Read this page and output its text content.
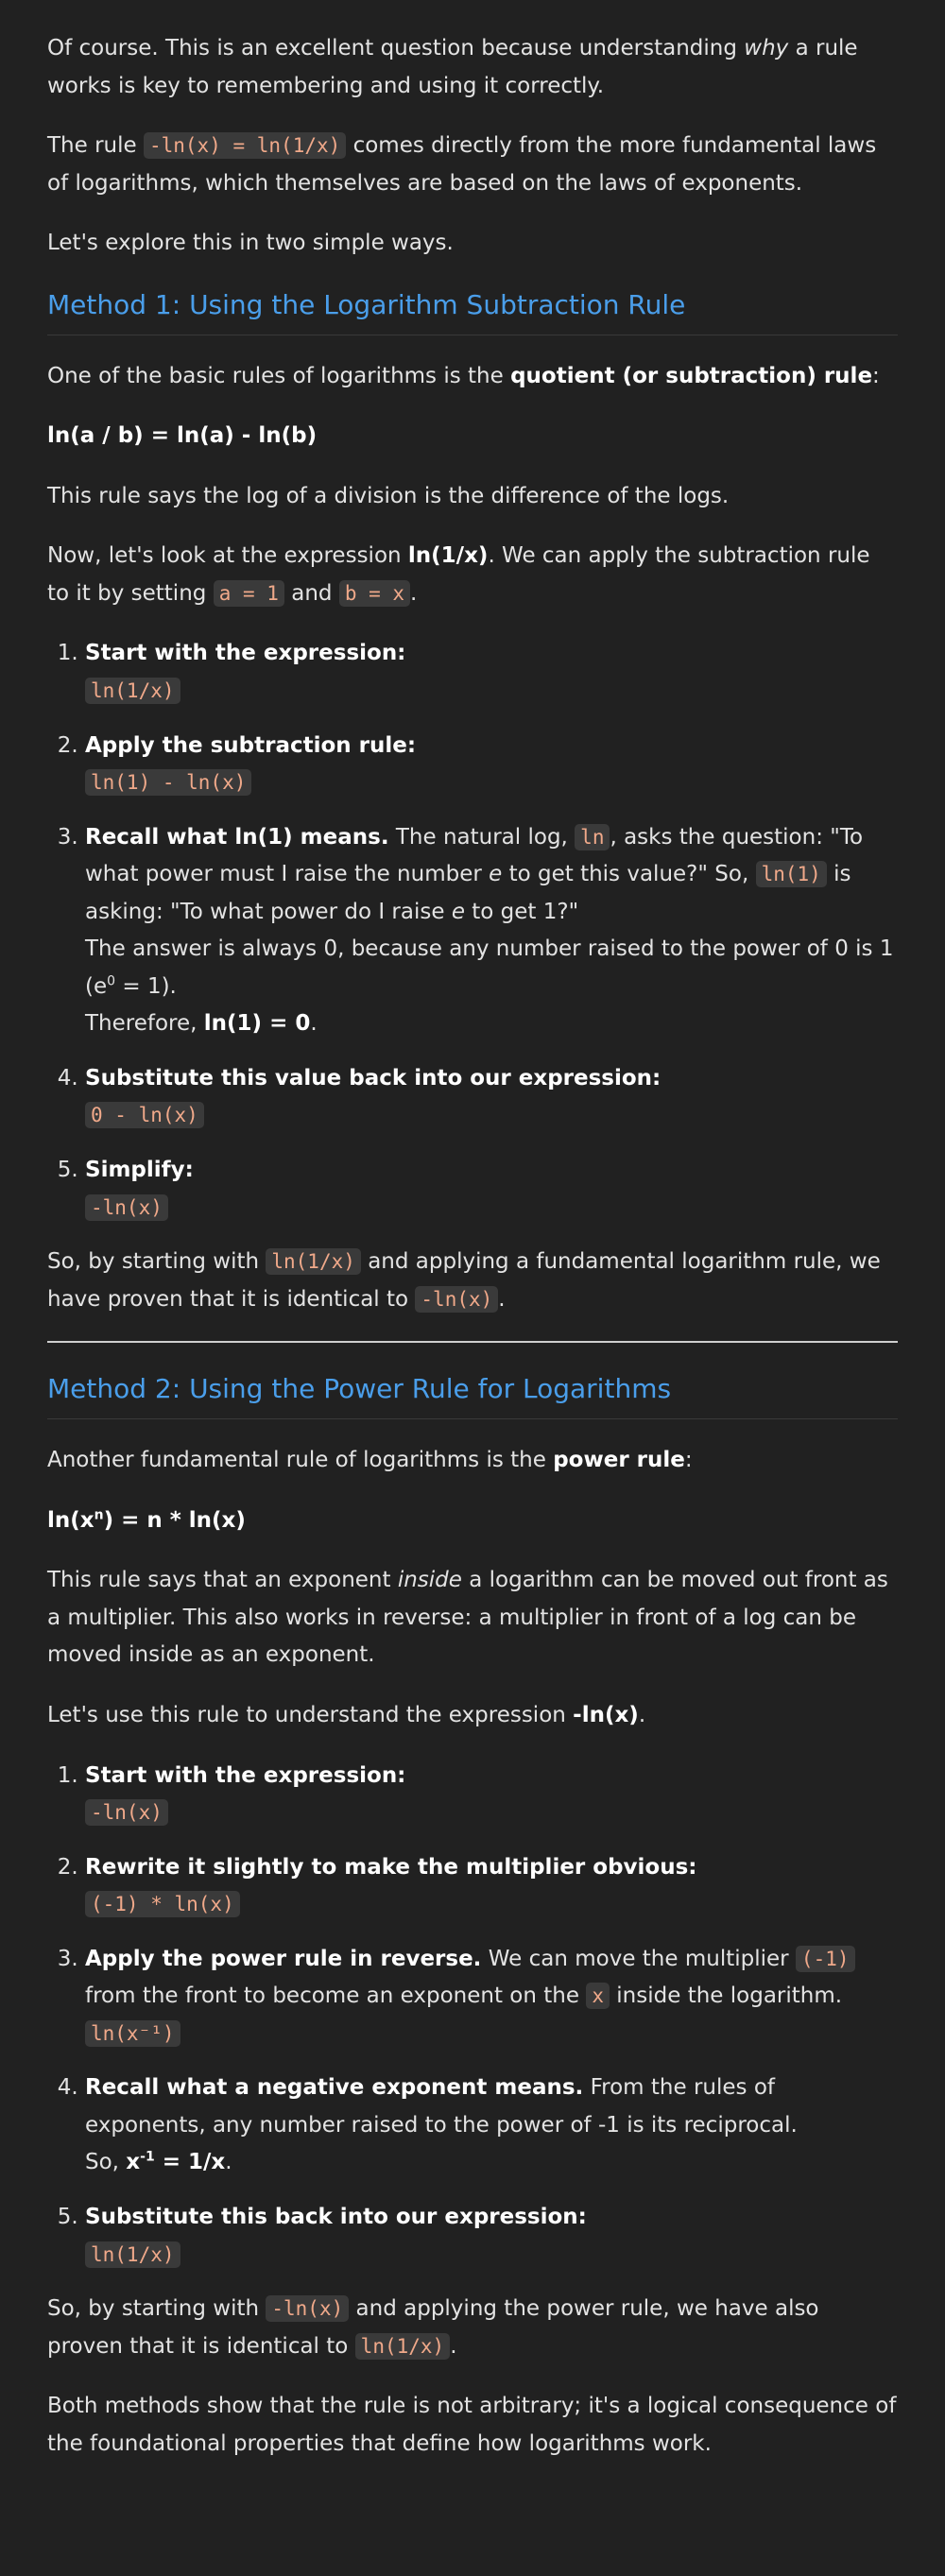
Of course. This is an excellent question because understanding why a rule works is key to remembering and using it correctly.

The rule -ln(x) = ln(1/x) comes directly from the more fundamental laws of logarithms, which themselves are based on the laws of exponents.

Let's explore this in two simple ways.

Method 1: Using the Logarithm Subtraction Rule

One of the basic rules of logarithms is the quotient (or subtraction) rule:

ln(a / b) = ln(a) - ln(b)

This rule says the log of a division is the difference of the logs.

Now, let's look at the expression ln(1/x). We can apply the subtraction rule to it by setting a = 1 and b = x .

1. Start with the expression:
ln(1/x)
2. Apply the subtraction rule:
ln(1) - ln(x)
3. Recall what ln(1) means. The natural log, ln , asks the question: "To what power must I raise the number e to get this value?" So, ln(1) is asking: "To what power do I raise e to get 1?"
The answer is always 0, because any number raised to the power of 0 is 1 $(e^0 = 1)$.
Therefore, ln(1) = 0.
4. Substitute this value back into our expression:
0 - ln(x)
5. Simplify:
-ln(x)

So, by starting with ln(1/x) and applying a fundamental logarithm rule, we have proven that it is identical to -ln(x) .

Method 2: Using the Power Rule for Logarithms

Another fundamental rule of logarithms is the power rule:

$\ln(x^n) = n * \ln(x)$

This rule says that an exponent inside a logarithm can be moved out front as a multiplier. This also works in reverse: a multiplier in front of a log can be moved inside as an exponent.

Let's use this rule to understand the expression -ln(x).

1. Start with the expression:
-ln(x)
2. Rewrite it slightly to make the multiplier obvious:
(-1) * ln(x)
3. Apply the power rule in reverse. We can move the multiplier (-1) from the front to become an exponent on the x inside the logarithm.
ln(x⁻¹)
4. Recall what a negative exponent means. From the rules of exponents, any number raised to the power of -1 is its reciprocal.
So, $x^{-1} = 1/x$.
5. Substitute this back into our expression:
ln(1/x)

So, by starting with -ln(x) and applying the power rule, we have also proven that it is identical to ln(1/x) .

Both methods show that the rule is not arbitrary; it's a logical consequence of the foundational properties that define how logarithms work.
